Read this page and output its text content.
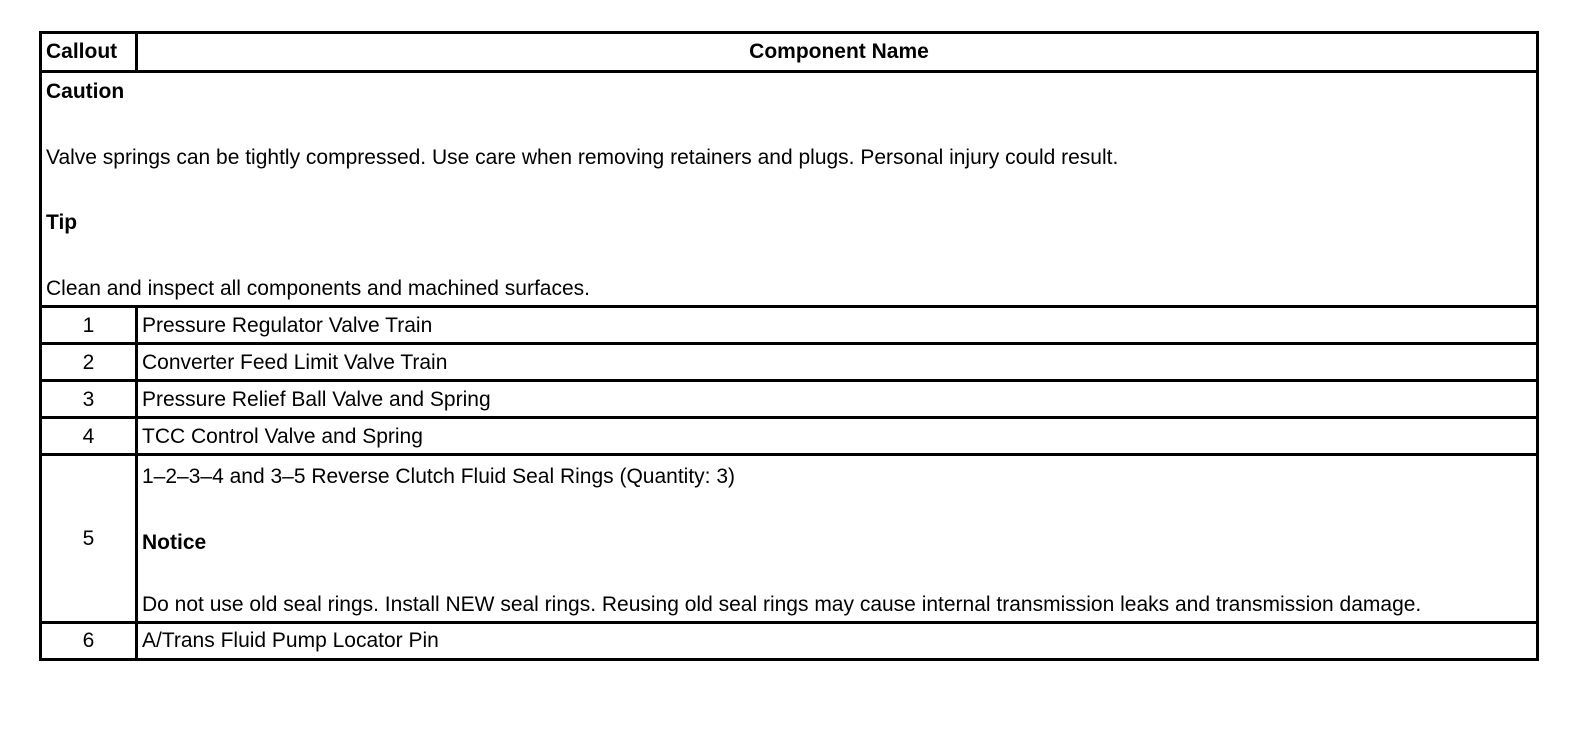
Callout	Component Name

Caution

Valve springs can be tightly compressed. Use care when removing retainers and plugs. Personal injury could result.

Tip

Clean and inspect all components and machined surfaces.	

1	Pressure Regulator Valve Train
2	Converter Feed Limit Valve Train
3	Pressure Relief Ball Valve and Spring
4	TCC Control Valve and Spring
5	1–2–3–4 and 3–5 Reverse Clutch Fluid Seal Rings (Quantity: 3)

Notice

Do not use old seal rings. Install NEW seal rings. Reusing old seal rings may cause internal transmission leaks and transmission damage.

6	A/Trans Fluid Pump Locator Pin
